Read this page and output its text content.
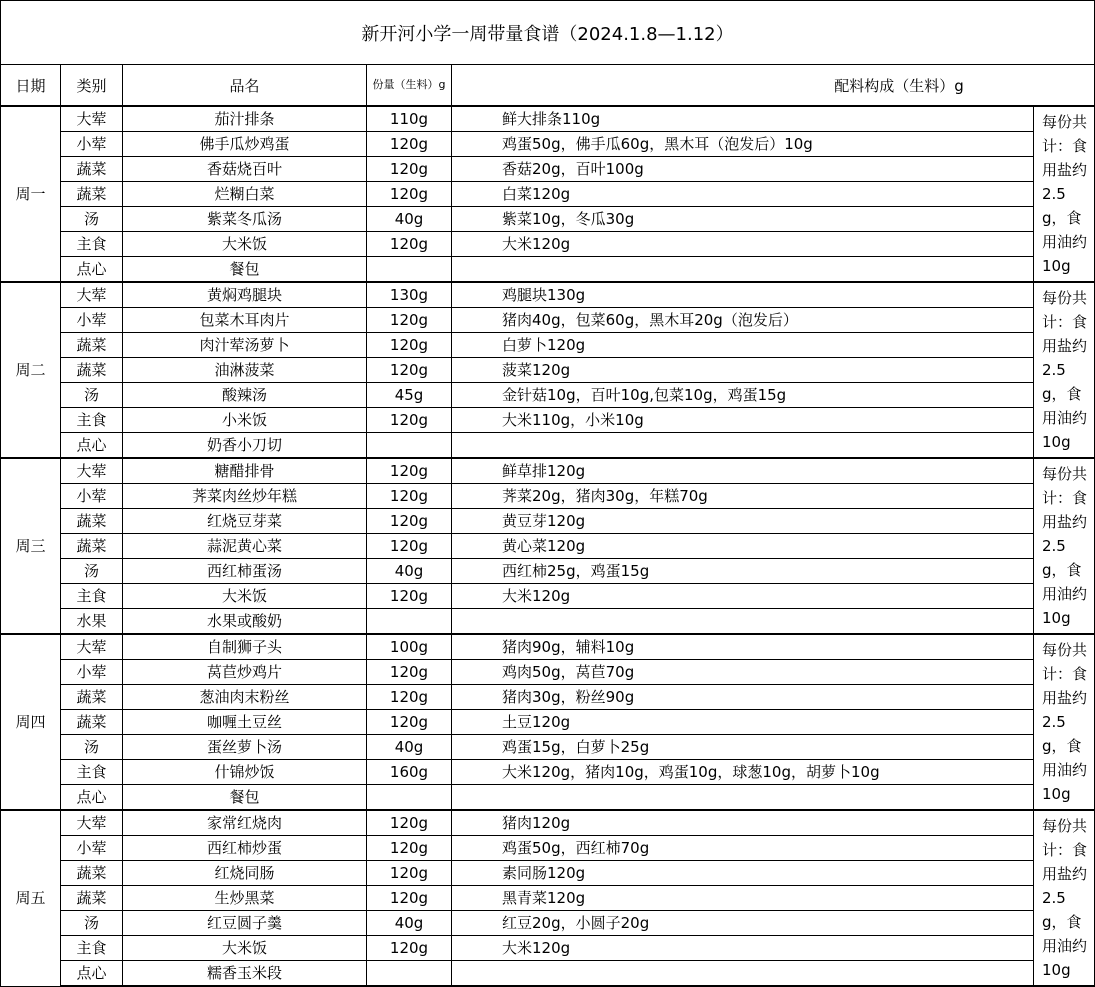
新开河小学一周带量食谱（2024.1.8—1.12）					
日期	类别	品名	份量（生料）g	配料构成（生料）g	
周一	大荤	茄汁排条	110g	鲜大排条110g	每份共计：食用盐约2.5g，食用油约10g
	小荤	佛手瓜炒鸡蛋	120g	鸡蛋50g，佛手瓜60g，黑木耳（泡发后）10g	
	蔬菜	香菇烧百叶	120g	香菇20g，百叶100g	
	蔬菜	烂糊白菜	120g	白菜120g	
	汤	紫菜冬瓜汤	40g	紫菜10g，冬瓜30g	
	主食	大米饭	120g	大米120g	
	点心	餐包			
周二	大荤	黄焖鸡腿块	130g	鸡腿块130g	每份共计：食用盐约2.5g，食用油约10g
	小荤	包菜木耳肉片	120g	猪肉40g，包菜60g，黑木耳20g（泡发后）	
	蔬菜	肉汁荤汤萝卜	120g	白萝卜120g	
	蔬菜	油淋菠菜	120g	菠菜120g	
	汤	酸辣汤	45g	金针菇10g，百叶10g,包菜10g，鸡蛋15g	
	主食	小米饭	120g	大米110g，小米10g	
	点心	奶香小刀切			
周三	大荤	糖醋排骨	120g	鲜草排120g	每份共计：食用盐约2.5g，食用油约10g
	小荤	荠菜肉丝炒年糕	120g	荠菜20g，猪肉30g，年糕70g	
	蔬菜	红烧豆芽菜	120g	黄豆芽120g	
	蔬菜	蒜泥黄心菜	120g	黄心菜120g	
	汤	西红柿蛋汤	40g	西红柿25g，鸡蛋15g	
	主食	大米饭	120g	大米120g	
	水果	水果或酸奶			
周四	大荤	自制狮子头	100g	猪肉90g，辅料10g	每份共计：食用盐约2.5g，食用油约10g
	小荤	莴苣炒鸡片	120g	鸡肉50g，莴苣70g	
	蔬菜	葱油肉末粉丝	120g	猪肉30g，粉丝90g	
	蔬菜	咖喱土豆丝	120g	土豆120g	
	汤	蛋丝萝卜汤	40g	鸡蛋15g，白萝卜25g	
	主食	什锦炒饭	160g	大米120g，猪肉10g，鸡蛋10g，球葱10g，胡萝卜10g	
	点心	餐包			
周五	大荤	家常红烧肉	120g	猪肉120g	每份共计：食用盐约2.5g，食用油约10g
	小荤	西红柿炒蛋	120g	鸡蛋50g，西红柿70g	
	蔬菜	红烧同肠	120g	素同肠120g	
	蔬菜	生炒黑菜	120g	黑青菜120g	
	汤	红豆圆子羹	40g	红豆20g，小圆子20g	
	主食	大米饭	120g	大米120g	
	点心	糯香玉米段			
